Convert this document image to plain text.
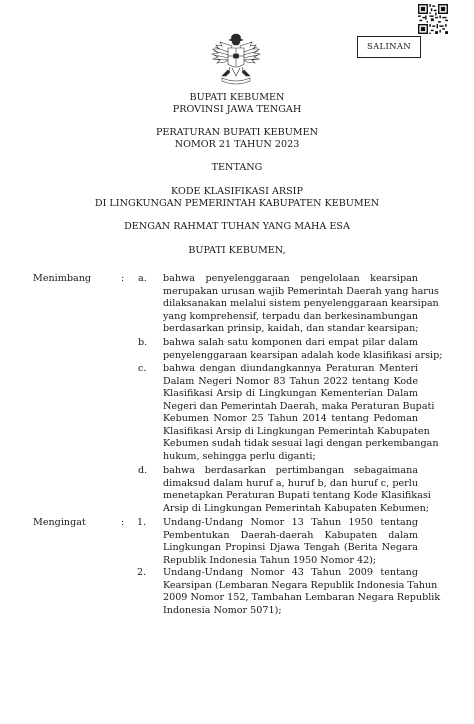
SALINAN
BUPATI KEBUMEN
PROVINSI JAWA TENGAH
PERATURAN BUPATI KEBUMEN
NOMOR 21 TAHUN 2023
TENTANG
KODE KLASIFIKASI ARSIP
DI LINGKUNGAN PEMERINTAH KABUPATEN KEBUMEN
DENGAN RAHMAT TUHAN YANG MAHA ESA
BUPATI KEBUMEN,
Menimbang	: a. bahwa penyelenggaraan pengelolaan kearsipan
merupakan urusan wajib Pemerintah Daerah yang harus
dilaksanakan melalui sistem penyelenggaraan kearsipan
yang komprehensif, terpadu dan berkesinambungan
berdasarkan prinsip, kaidah, dan standar kearsipan;
b. bahwa salah satu komponen dari empat pilar dalam
penyelenggaraan kearsipan adalah kode klasifikasi arsip;
c. bahwa dengan diundangkannya Peraturan Menteri
Dalam Negeri Nomor 83 Tahun 2022 tentang Kode
Klasifikasi Arsip di Lingkungan Kementerian Dalam
Negeri dan Pemerintah Daerah, maka Peraturan Bupati
Kebumen Nomor 25 Tahun 2014 tentang Pedoman
Klasifikasi Arsip di Lingkungan Pemerintah Kabupaten
Kebumen sudah tidak sesuai lagi dengan perkembangan
hukum, sehingga perlu diganti;
d. bahwa berdasarkan pertimbangan sebagaimana
dimaksud dalam huruf a, huruf b, dan huruf c, perlu
menetapkan Peraturan Bupati tentang Kode Klasifikasi
Arsip di Lingkungan Pemerintah Kabupaten Kebumen;
Mengingat	: 1. Undang-Undang Nomor 13 Tahun 1950 tentang
Pembentukan Daerah-daerah Kabupaten dalam
Lingkungan Propinsi Djawa Tengah (Berita Negara
Republik Indonesia Tahun 1950 Nomor 42);
2. Undang-Undang Nomor 43 Tahun 2009 tentang
Kearsipan (Lembaran Negara Republik Indonesia Tahun
2009 Nomor 152, Tambahan Lembaran Negara Republik
Indonesia Nomor 5071);
